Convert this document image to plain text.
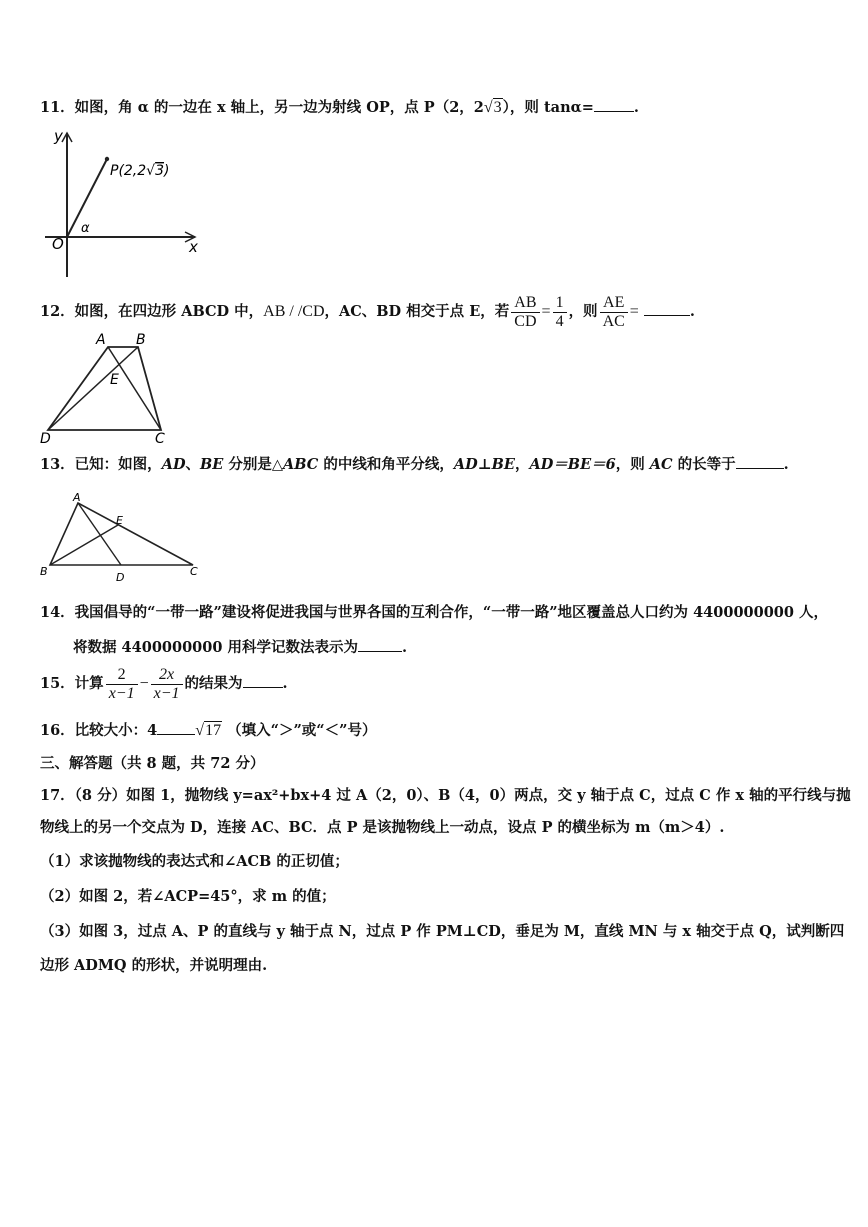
11．如图，角 α 的一边在 x 轴上，另一边为射线 OP，点 P（2，2√3），则 tanα=	.
y
x
O
α
P(2,2√3)
12．如图，在四边形 ABCD 中，AB / /CD，AC、BD 相交于点 E，若 $\frac{AB}{CD} = \frac{1}{4}$ ，则 $\frac{AE}{AC}$ =	.
A B
E
D	C
13．已知：如图，AD、BE 分别是△ABC 的中线和角平分线，AD⊥BE，AD＝BE＝6，则 AC 的长等于	.
A
E
B	D	C
14．我国倡导的“一带一路”建设将促进我国与世界各国的互利合作，“一带一路”地区覆盖总人口约为 4400000000 人，
将数据 4400000000 用科学记数法表示为	.
15．计算 $\frac{2}{x-1} - \frac{2x}{x-1}$ 的结果为	.
16．比较大小：4 √17 （填入“＞”或“＜”号）
三、解答题（共 8 题，共 72 分）
17．（8 分）如图 1，抛物线 y=ax²+bx+4 过 A（2，0）、B（4，0）两点，交 y 轴于点 C，过点 C 作 x 轴的平行线与抛
物线上的另一个交点为 D，连接 AC、BC．点 P 是该抛物线上一动点，设点 P 的横坐标为 m（m＞4）.
（1）求该抛物线的表达式和∠ACB 的正切值；
（2）如图 2，若∠ACP=45°，求 m 的值；
（3）如图 3，过点 A、P 的直线与 y 轴于点 N，过点 P 作 PM⊥CD，垂足为 M，直线 MN 与 x 轴交于点 Q，试判断四
边形 ADMQ 的形状，并说明理由.
